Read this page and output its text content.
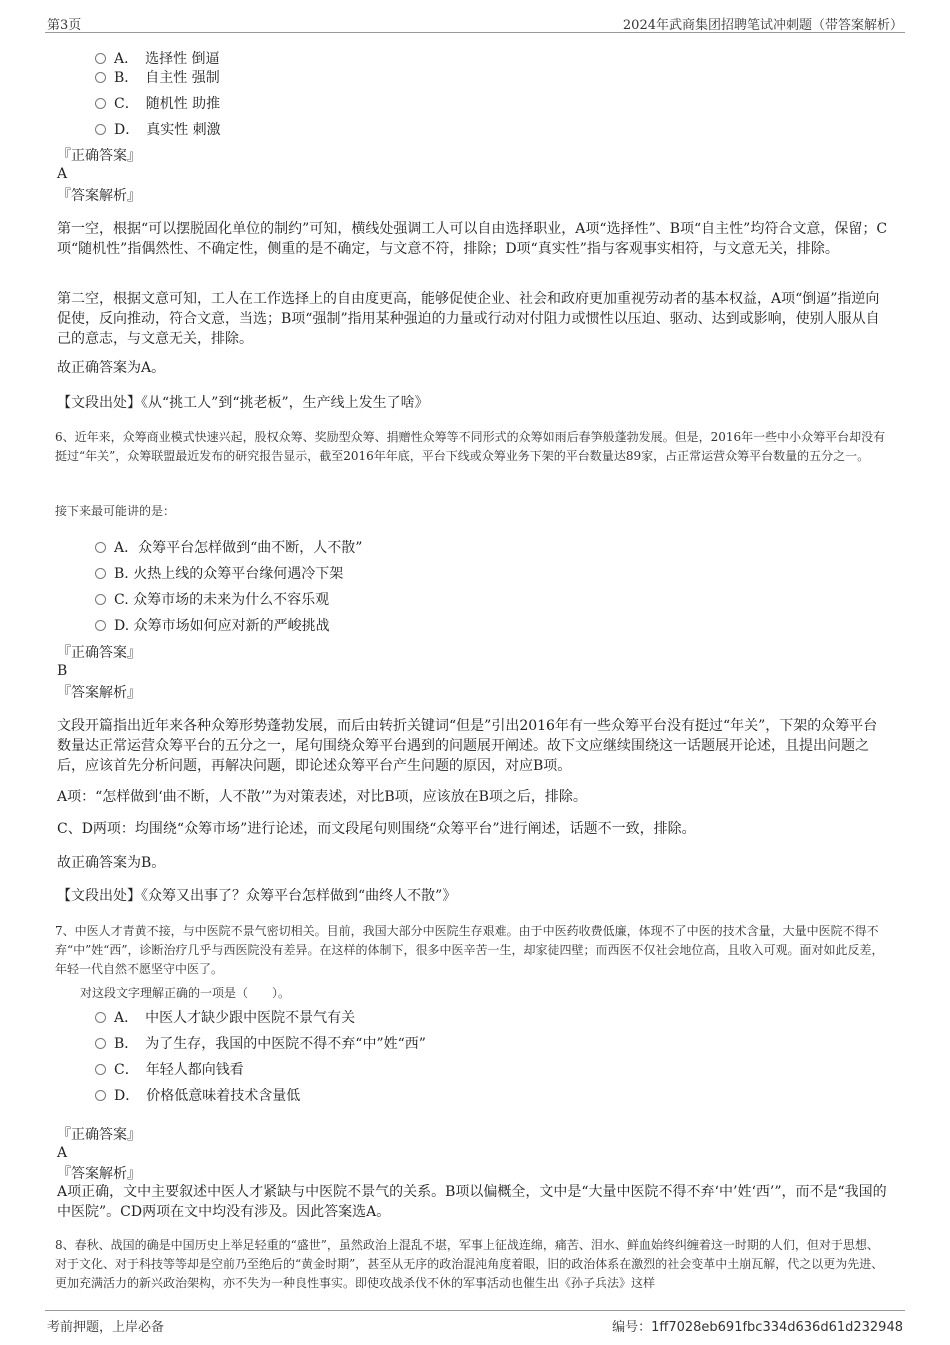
第3页	2024年武商集团招聘笔试冲刺题（带答案解析）
A．　选择性 倒逼
B．　自主性 强制
C．　随机性 助推
D．　真实性 刺激
『正确答案』
A
『答案解析』
第一空，根据“可以摆脱固化单位的制约”可知，横线处强调工人可以自由选择职业，A项“选择性”、B项“自主性”均符合文意，保留；C项“随机性”指偶然性、不确定性，侧重的是不确定，与文意不符，排除；D项“真实性”指与客观事实相符，与文意无关，排除。
第二空，根据文意可知，工人在工作选择上的自由度更高，能够促使企业、社会和政府更加重视劳动者的基本权益，A项“倒逼”指逆向促使，反向推动，符合文意，当选；B项“强制”指用某种强迫的力量或行动对付阻力或惯性以压迫、驱动、达到或影响，使别人服从自己的意志，与文意无关，排除。
故正确答案为A。
【文段出处】《从“挑工人”到“挑老板”，生产线上发生了啥》
6、近年来，众筹商业模式快速兴起，股权众筹、奖励型众筹、捐赠性众筹等不同形式的众筹如雨后春笋般蓬勃发展。但是，2016年一些中小众筹平台却没有挺过“年关”，众筹联盟最近发布的研究报告显示，截至2016年年底，平台下线或众筹业务下架的平台数量达89家，占正常运营众筹平台数量的五分之一。
接下来最可能讲的是：
A．众筹平台怎样做到“曲不断，人不散”
B. 火热上线的众筹平台缘何遇冷下架
C. 众筹市场的未来为什么不容乐观
D. 众筹市场如何应对新的严峻挑战
『正确答案』
B
『答案解析』
文段开篇指出近年来各种众筹形势蓬勃发展，而后由转折关键词“但是”引出2016年有一些众筹平台没有挺过“年关”，下架的众筹平台数量达正常运营众筹平台的五分之一，尾句围绕众筹平台遇到的问题展开阐述。故下文应继续围绕这一话题展开论述，且提出问题之后，应该首先分析问题，再解决问题，即论述众筹平台产生问题的原因，对应B项。
A项：“怎样做到‘曲不断，人不散’”为对策表述，对比B项，应该放在B项之后，排除。
C、D两项：均围绕“众筹市场”进行论述，而文段尾句则围绕“众筹平台”进行阐述，话题不一致，排除。
故正确答案为B。
【文段出处】《众筹又出事了？众筹平台怎样做到“曲终人不散”》
7、中医人才青黄不接，与中医院不景气密切相关。目前，我国大部分中医院生存艰难。由于中医药收费低廉，体现不了中医的技术含量，大量中医院不得不弃“中”姓“西”，诊断治疗几乎与西医院没有差异。在这样的体制下，很多中医辛苦一生，却家徒四壁；而西医不仅社会地位高，且收入可观。面对如此反差，年轻一代自然不愿坚守中医了。
对这段文字理解正确的一项是（　　）。
A．　中医人才缺少跟中医院不景气有关
B．　为了生存，我国的中医院不得不弃“中”姓“西”
C．　年轻人都向钱看
D．　价格低意味着技术含量低
『正确答案』
A
『答案解析』
A项正确，文中主要叙述中医人才紧缺与中医院不景气的关系。B项以偏概全，文中是“大量中医院不得不弃‘中’姓‘西’”，而不是“我国的中医院”。CD两项在文中均没有涉及。因此答案选A。
8、春秋、战国的确是中国历史上举足轻重的“盛世”，虽然政治上混乱不堪，军事上征战连绵，痛苦、泪水、鲜血始终纠缠着这一时期的人们，但对于思想、对于文化、对于科技等等却是空前乃至绝后的“黄金时期”，甚至从无序的政治混沌角度着眼，旧的政治体系在激烈的社会变革中土崩瓦解，代之以更为先进、更加充满活力的新兴政治架构，亦不失为一种良性事实。即使攻战杀伐不休的军事活动也催生出《孙子兵法》这样
考前押题，上岸必备	编号：1ff7028eb691fbc334d636d61d232948
